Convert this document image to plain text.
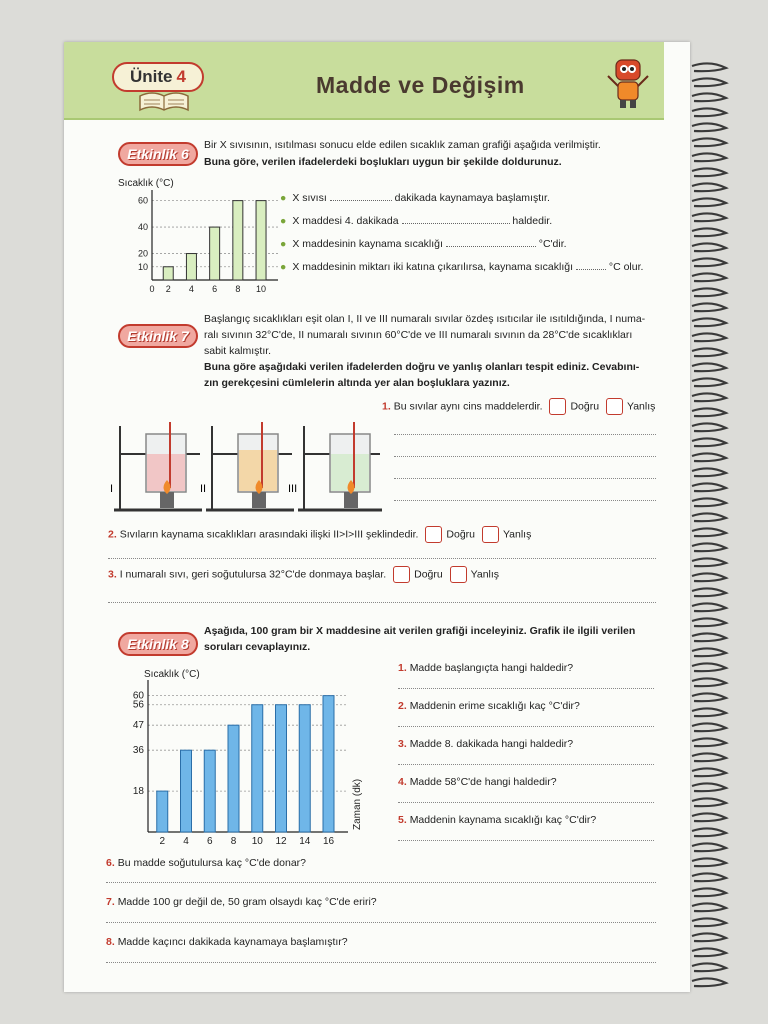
Ünite 4	Madde ve Değişim
Etkinlik 6
Bir X sıvısının, ısıtılması sonucu elde edilen sıcaklık zaman grafiği aşağıda verilmiştir.
Buna göre, verilen ifadelerdeki boşlukları uygun bir şekilde doldurunuz.
Sıcaklık (°C)
10
20
40
60
0 2 4 6 8 10
● X sıvısı	dakikada kaynamaya başlamıştır.
● X maddesi 4. dakikada	haldedir.
● X maddesinin kaynama sıcaklığı	°C'dir.
● X maddesinin miktarı iki katına çıkarılırsa, kaynama sıcaklığı	°C olur.
Etkinlik 7
Başlangıç sıcaklıkları eşit olan I, II ve III numaralı sıvılar özdeş ısıtıcılar ile ısıtıldığında, I numa-
ralı sıvının 32°C'de, II numaralı sıvının 60°C'de ve III numaralı sıvının da 28°C'de sıcaklıkları
sabit kalmıştır.
Buna göre aşağıdaki verilen ifadelerden doğru ve yanlış olanları tespit ediniz. Cevabını-
zın gerekçesini cümlelerin altında yer alan boşluklara yazınız.
I	II	III
1. Bu sıvılar aynı cins maddelerdir.	Doğru	Yanlış
2. Sıvıların kaynama sıcaklıkları arasındaki ilişki II>I>III şeklindedir.	Doğru	Yanlış
3. I numaralı sıvı, geri soğutulursa 32°C'de donmaya başlar.	Doğru	Yanlış
Etkinlik 8
Aşağıda, 100 gram bir X maddesine ait verilen grafiği inceleyiniz. Grafik ile ilgili verilen
soruları cevaplayınız.
Sıcaklık (°C)
18
36
47
56
60
2 4 6 8 10 12 14 16
Zaman (dk)
1. Madde başlangıçta hangi haldedir?
2. Maddenin erime sıcaklığı kaç °C'dir?
3. Madde 8. dakikada hangi haldedir?
4. Madde 58°C'de hangi haldedir?
5. Maddenin kaynama sıcaklığı kaç °C'dir?
6. Bu madde soğutulursa kaç °C'de donar?
7. Madde 100 gr değil de, 50 gram olsaydı kaç °C'de eriri?
8. Madde kaçıncı dakikada kaynamaya başlamıştır?
